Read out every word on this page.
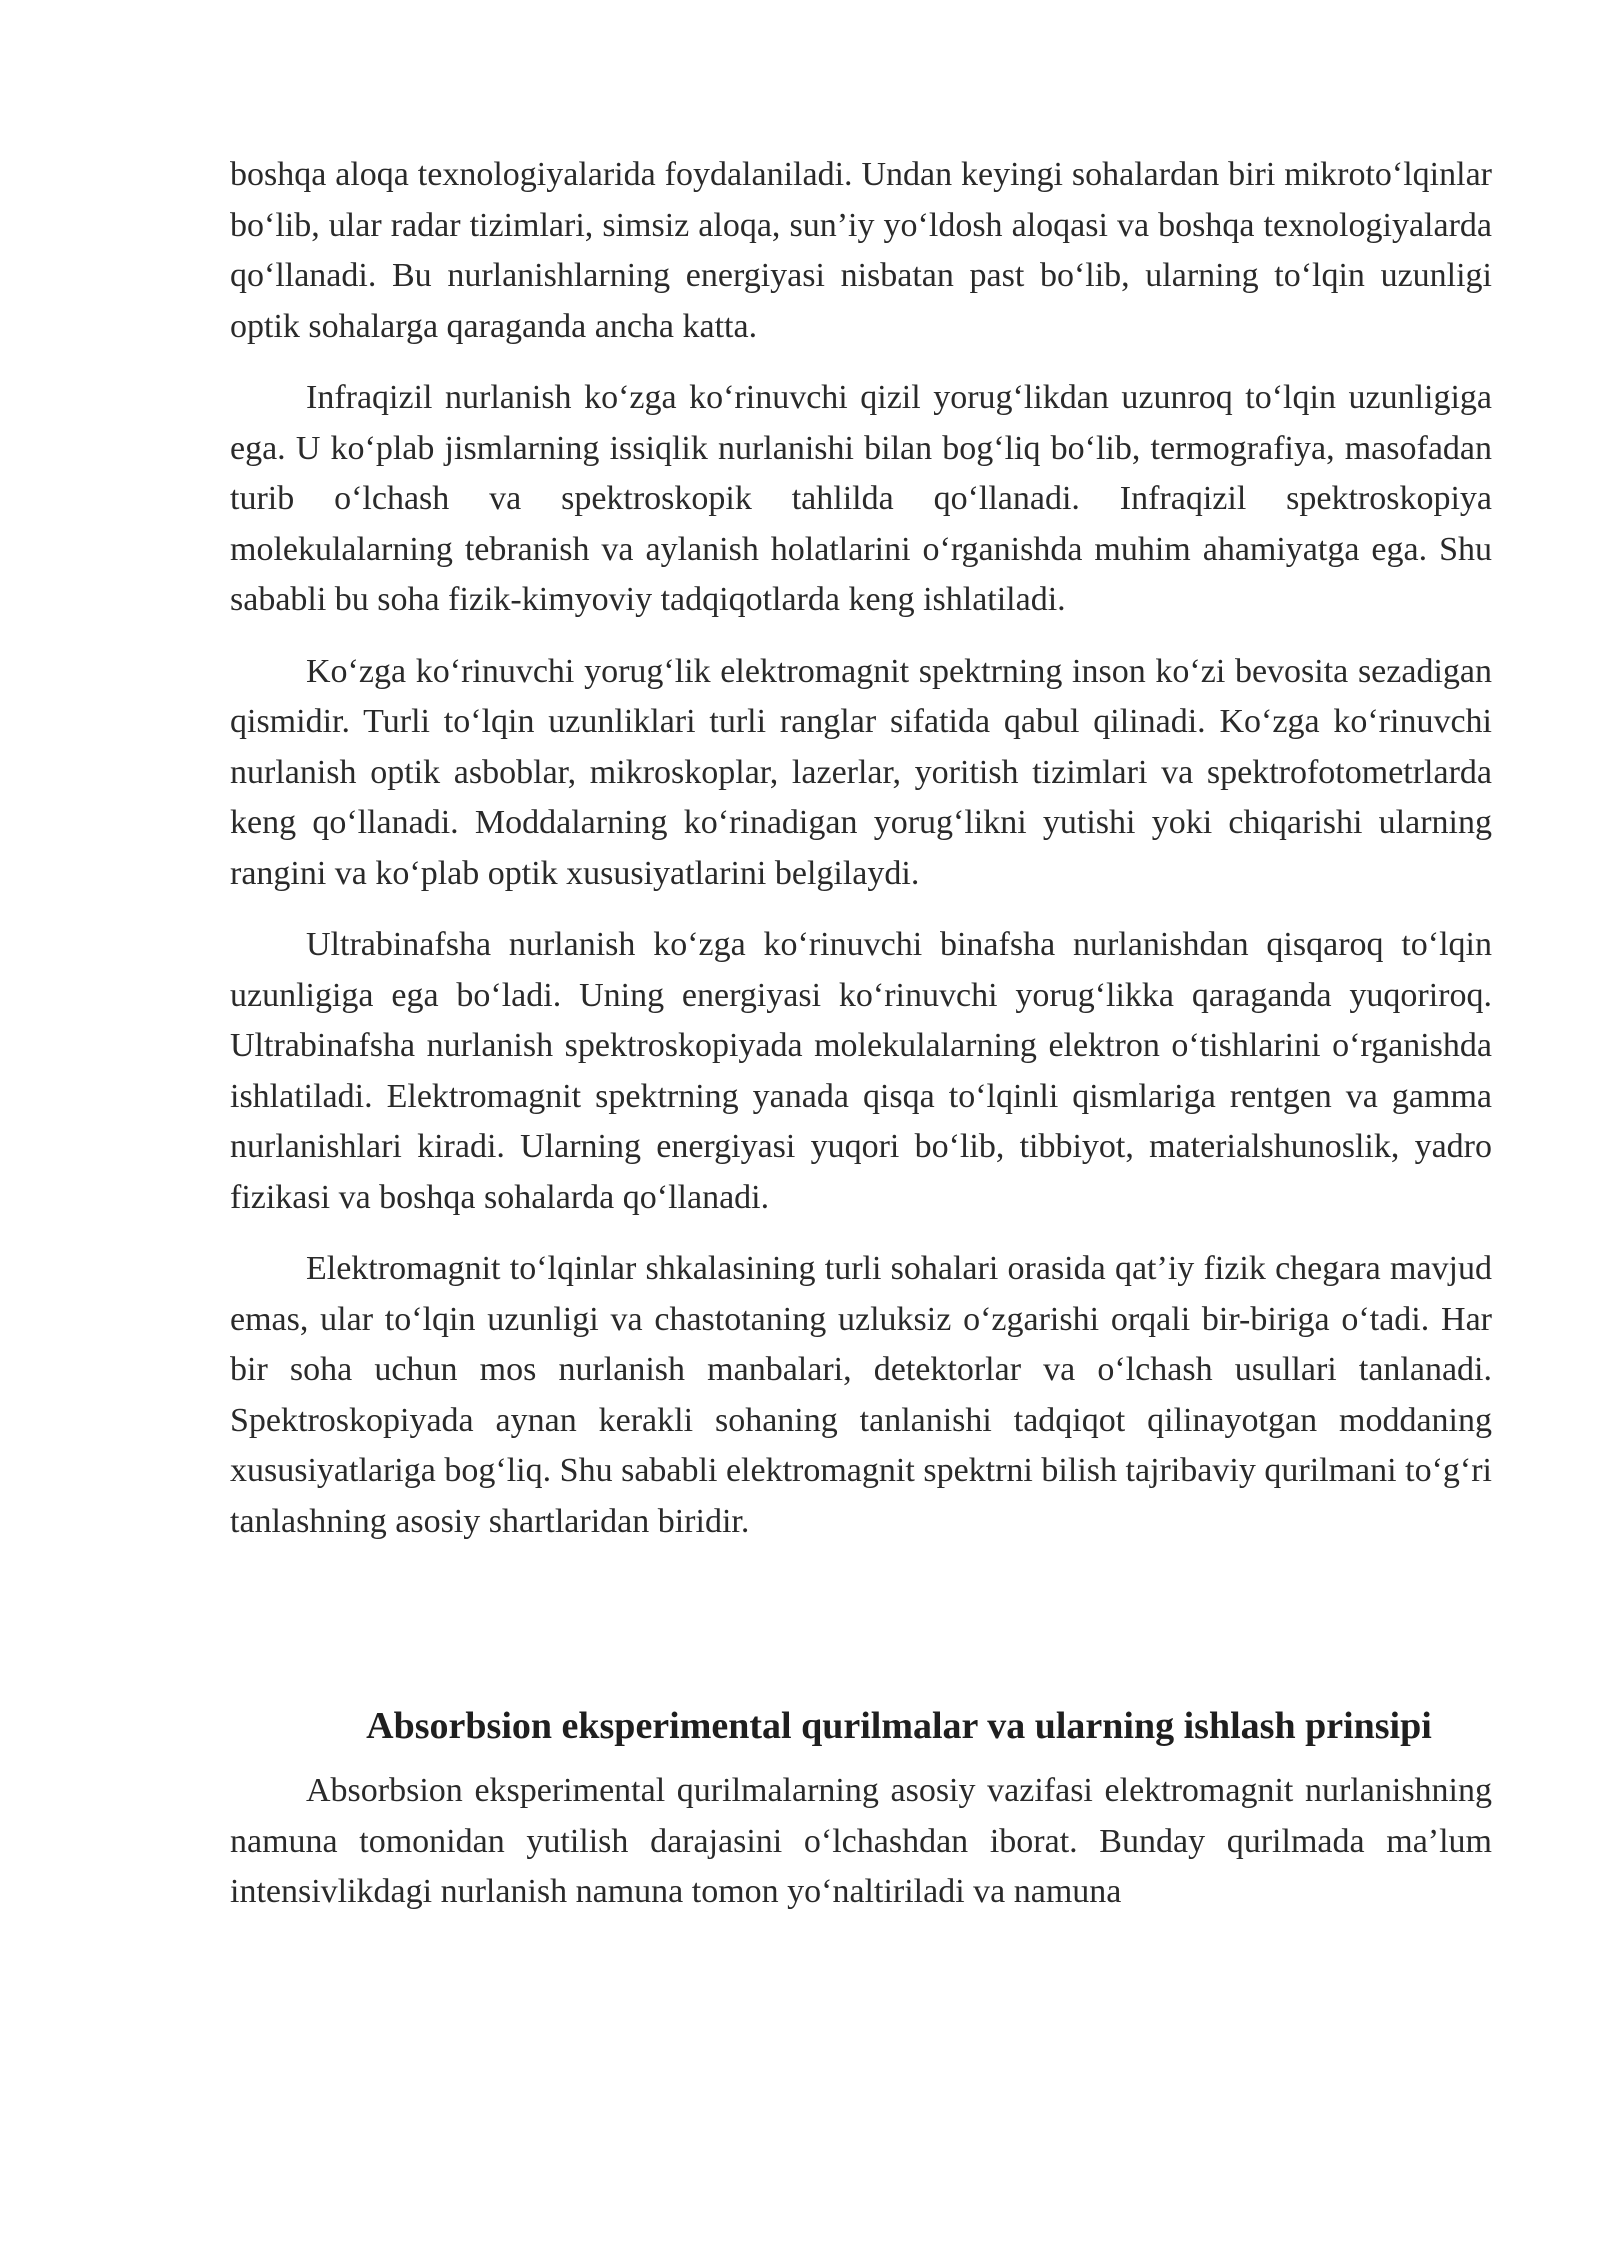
boshqa aloqa texnologiyalarida foydalaniladi. Undan keyingi sohalardan biri mikroto‘lqinlar bo‘lib, ular radar tizimlari, simsiz aloqa, sun’iy yo‘ldosh aloqasi va boshqa texnologiyalarda qo‘llanadi. Bu nurlanishlarning energiyasi nisbatan past bo‘lib, ularning to‘lqin uzunligi optik sohalarga qaraganda ancha katta.

Infraqizil nurlanish ko‘zga ko‘rinuvchi qizil yorug‘likdan uzunroq to‘lqin uzunligiga ega. U ko‘plab jismlarning issiqlik nurlanishi bilan bog‘liq bo‘lib, termografiya, masofadan turib o‘lchash va spektroskopik tahlilda qo‘llanadi. Infraqizil spektroskopiya molekulalarning tebranish va aylanish holatlarini o‘rganishda muhim ahamiyatga ega. Shu sababli bu soha fizik-kimyoviy tadqiqotlarda keng ishlatiladi.

Ko‘zga ko‘rinuvchi yorug‘lik elektromagnit spektrning inson ko‘zi bevosita sezadigan qismidir. Turli to‘lqin uzunliklari turli ranglar sifatida qabul qilinadi. Ko‘zga ko‘rinuvchi nurlanish optik asboblar, mikroskoplar, lazerlar, yoritish tizimlari va spektrofotometrlarda keng qo‘llanadi. Moddalarning ko‘rinadigan yorug‘likni yutishi yoki chiqarishi ularning rangini va ko‘plab optik xususiyatlarini belgilaydi.

Ultrabinafsha nurlanish ko‘zga ko‘rinuvchi binafsha nurlanishdan qisqaroq to‘lqin uzunligiga ega bo‘ladi. Uning energiyasi ko‘rinuvchi yorug‘likka qaraganda yuqoriroq. Ultrabinafsha nurlanish spektroskopiyada molekulalarning elektron o‘tishlarini o‘rganishda ishlatiladi. Elektromagnit spektrning yanada qisqa to‘lqinli qismlariga rentgen va gamma nurlanishlari kiradi. Ularning energiyasi yuqori bo‘lib, tibbiyot, materialshunoslik, yadro fizikasi va boshqa sohalarda qo‘llanadi.

Elektromagnit to‘lqinlar shkalasining turli sohalari orasida qat’iy fizik chegara mavjud emas, ular to‘lqin uzunligi va chastotaning uzluksiz o‘zgarishi orqali bir-biriga o‘tadi. Har bir soha uchun mos nurlanish manbalari, detektorlar va o‘lchash usullari tanlanadi. Spektroskopiyada aynan kerakli sohaning tanlanishi tadqiqot qilinayotgan moddaning xususiyatlariga bog‘liq. Shu sababli elektromagnit spektrni bilish tajribaviy qurilmani to‘g‘ri tanlashning asosiy shartlaridan biridir.

Absorbsion eksperimental qurilmalar va ularning ishlash prinsipi

Absorbsion eksperimental qurilmalarning asosiy vazifasi elektromagnit nurlanishning namuna tomonidan yutilish darajasini o‘lchashdan iborat. Bunday qurilmada ma’lum intensivlikdagi nurlanish namuna tomon yo‘naltiriladi va namuna
